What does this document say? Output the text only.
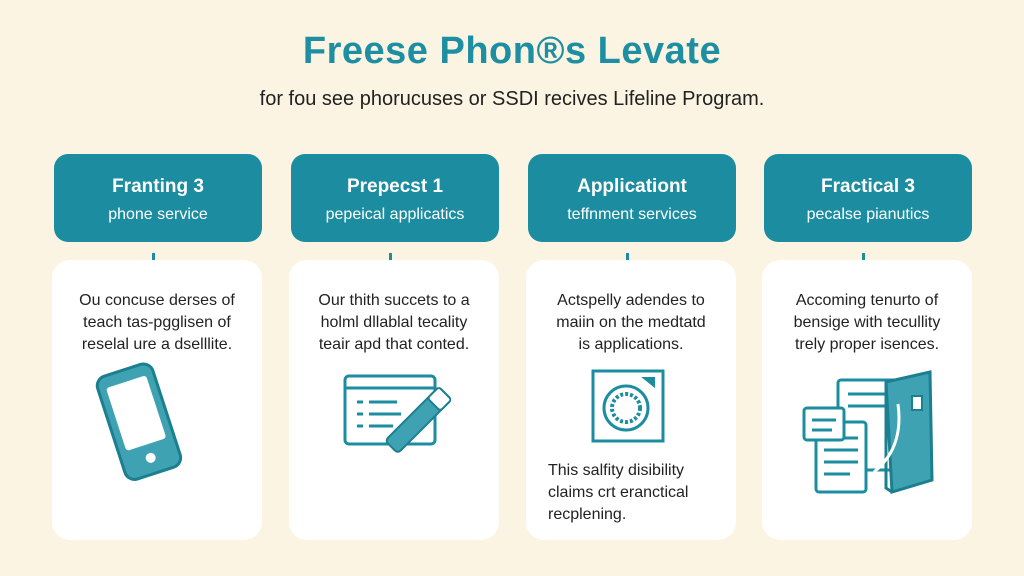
Freese Phon®s Levate
for fou see phorucuses or SSDI recives Lifeline Program.
Franting 3
phone service
Ou concuse derses of
teach tas-pgglisen of
reselal ure a dselllite.
Prepecst 1
pepeical applicatics
Our thith succets to a
holml dllablal tecality
teair apd that conted.
Applicationt
teffnment services
Actspelly adendes to
maiin on the medtatd
is applications.
This salfity disibility
claims crt eranctical
recplening.
Fractical 3
pecalse pianutics
Accoming tenurto of
bensige with tecullity
trely proper isences.
